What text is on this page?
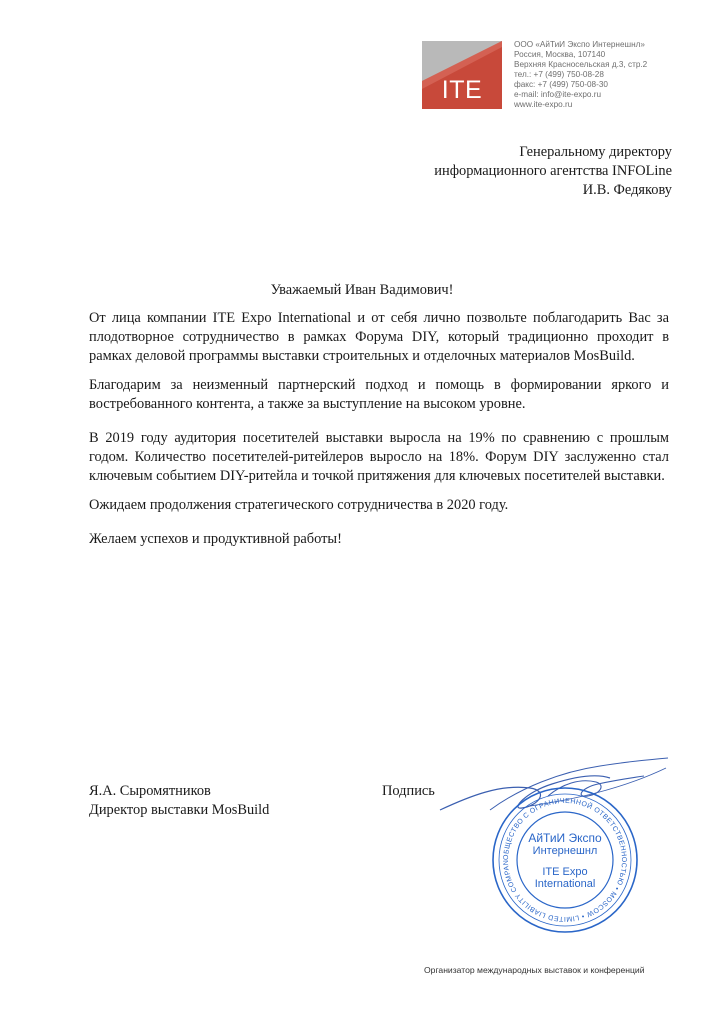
ITE
ООО «АйТиИ Экспо Интернешнл»
Россия, Москва, 107140
Верхняя Красносельская д.3, стр.2
тел.: +7 (499) 750-08-28
факс: +7 (499) 750-08-30
e-mail: info@ite-expo.ru
www.ite-expo.ru
Генеральному директору
информационного агентства INFOLine
И.В. Федякову
Уважаемый Иван Вадимович!

От лица компании ITE Expo International и от себя лично позвольте поблагодарить Вас за плодотворное сотрудничество в рамках Форума DIY, который традиционно проходит в рамках деловой программы выставки строительных и отделочных материалов MosBuild.

Благодарим за неизменный партнерский подход и помощь в формировании яркого и востребованного контента, а также за выступление на высоком уровне.

В 2019 году аудитория посетителей выставки выросла на 19% по сравнению с прошлым годом. Количество посетителей-ритейлеров выросло на 18%. Форум DIY заслуженно стал ключевым событием DIY-ритейла и точкой притяжения для ключевых посетителей выставки.

Ожидаем продолжения стратегического сотрудничества в 2020 году.

Желаем успехов и продуктивной работы!

Я.А. Сыромятников
Директор выставки MosBuild
Подпись
ОБЩЕСТВО С ОГРАНИЧЕННОЙ ОТВЕТСТВЕННОСТЬЮ • MOSCOW • LIMITED LIABILITY COMPAN
АйТиИ Экспо
Интернешнл
ITE Expo
International
Организатор международных выставок и конференций
